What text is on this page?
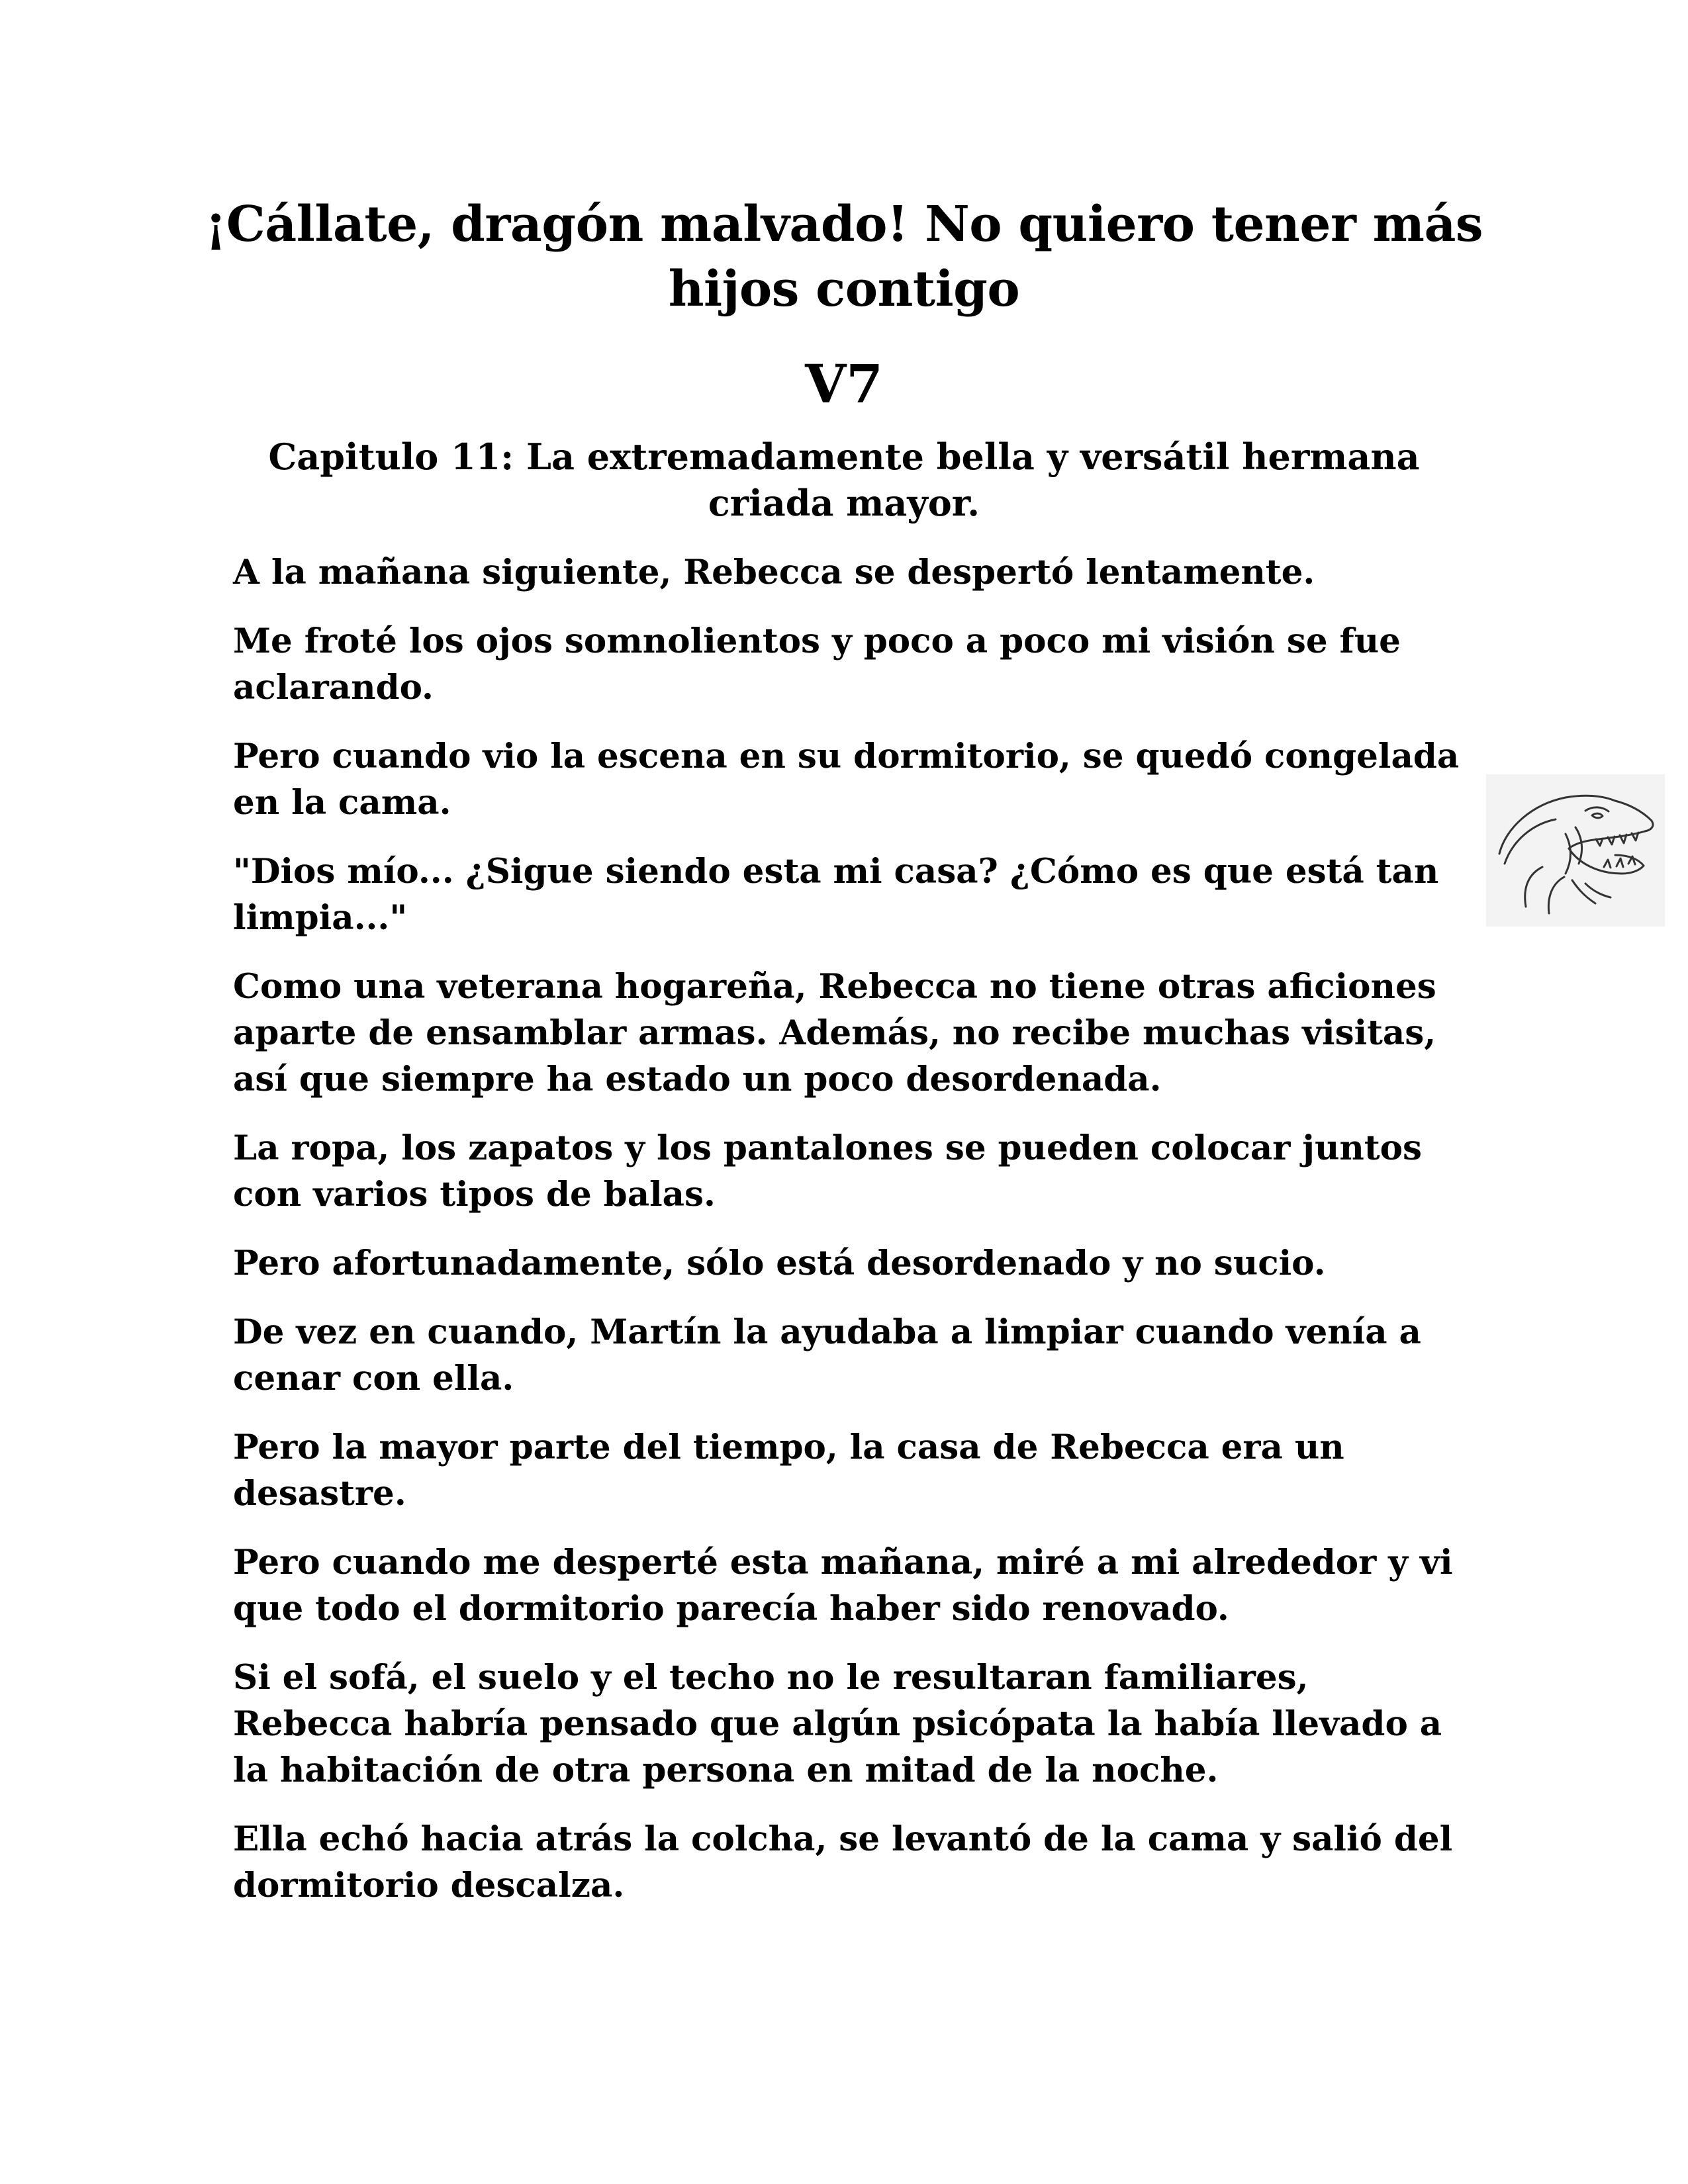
¡Cállate, dragón malvado! No quiero tener más hijos contigo
V7
Capitulo 11: La extremadamente bella y versátil hermana criada mayor.

A la mañana siguiente, Rebecca se despertó lentamente.

Me froté los ojos somnolientos y poco a poco mi visión se fue aclarando.

Pero cuando vio la escena en su dormitorio, se quedó congelada en la cama.

"Dios mío... ¿Sigue siendo esta mi casa? ¿Cómo es que está tan limpia..."

Como una veterana hogareña, Rebecca no tiene otras aficiones aparte de ensamblar armas. Además, no recibe muchas visitas, así que siempre ha estado un poco desordenada.

La ropa, los zapatos y los pantalones se pueden colocar juntos con varios tipos de balas.

Pero afortunadamente, sólo está desordenado y no sucio.

De vez en cuando, Martín la ayudaba a limpiar cuando venía a cenar con ella.

Pero la mayor parte del tiempo, la casa de Rebecca era un desastre.

Pero cuando me desperté esta mañana, miré a mi alrededor y vi que todo el dormitorio parecía haber sido renovado.

Si el sofá, el suelo y el techo no le resultaran familiares, Rebecca habría pensado que algún psicópata la había llevado a la habitación de otra persona en mitad de la noche.

Ella echó hacia atrás la colcha, se levantó de la cama y salió del dormitorio descalza.
